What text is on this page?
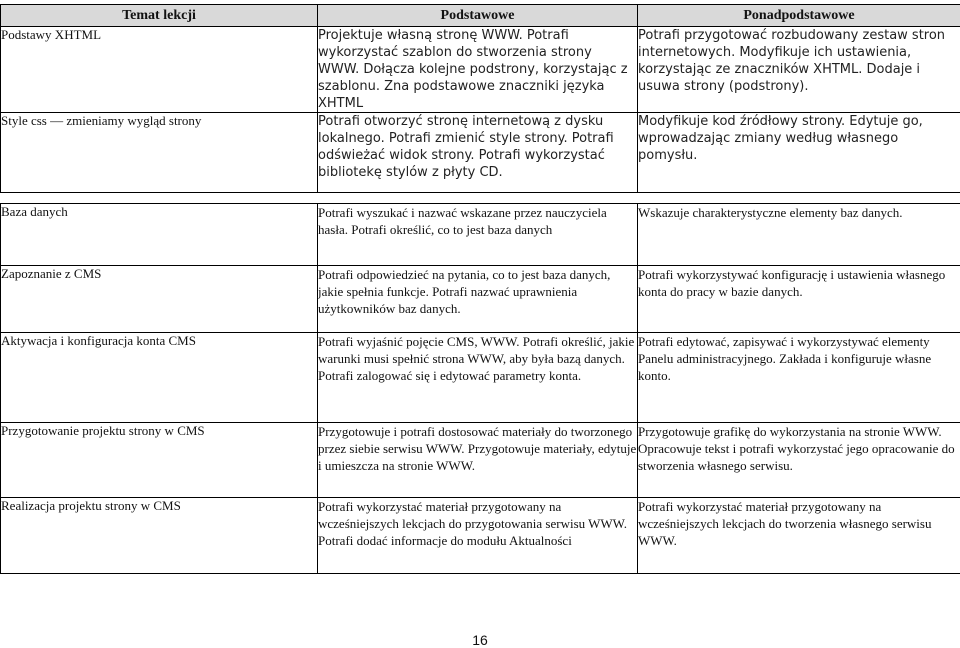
Temat lekcji	Podstawowe	Ponadpodstawowe
Podstawy XHTML	Projektuje własną stronę WWW. Potrafi wykorzystać szablon do stworzenia strony WWW. Dołącza kolejne podstrony, korzystając z szablonu. Zna podstawowe znaczniki języka XHTML	Potrafi przygotować rozbudowany zestaw stron internetowych. Modyfikuje ich ustawienia, korzystając ze znaczników XHTML. Dodaje i usuwa strony (podstrony).
Style css — zmieniamy wygląd strony	Potrafi otworzyć stronę internetową z dysku lokalnego. Potrafi zmienić style strony. Potrafi odświeżać widok strony. Potrafi wykorzystać bibliotekę stylów z płyty CD.	Modyfikuje kod źródłowy strony. Edytuje go, wprowadzając zmiany według własnego pomysłu.
Baza danych	Potrafi wyszukać i nazwać wskazane przez nauczyciela hasła. Potrafi określić, co to jest baza danych	Wskazuje charakterystyczne elementy baz danych.
Zapoznanie z CMS	Potrafi odpowiedzieć na pytania, co to jest baza danych, jakie spełnia funkcje. Potrafi nazwać uprawnienia użytkowników baz danych.	Potrafi wykorzystywać konfigurację i ustawienia własnego konta do pracy w bazie danych.
Aktywacja i konfiguracja konta CMS	Potrafi wyjaśnić pojęcie CMS, WWW. Potrafi określić, jakie warunki musi spełnić strona WWW, aby była bazą danych. Potrafi zalogować się i edytować parametry konta.	Potrafi edytować, zapisywać i wykorzystywać elementy Panelu administracyjnego. Zakłada i konfiguruje własne konto.
Przygotowanie projektu strony w CMS	Przygotowuje i potrafi dostosować materiały do tworzonego przez siebie serwisu WWW. Przygotowuje materiały, edytuje i umieszcza na stronie WWW.	Przygotowuje grafikę do wykorzystania na stronie WWW. Opracowuje tekst i potrafi wykorzystać jego opracowanie do stworzenia własnego serwisu.
Realizacja projektu strony w CMS	Potrafi wykorzystać materiał przygotowany na wcześniejszych lekcjach do przygotowania serwisu WWW. Potrafi dodać informacje do modułu Aktualności	Potrafi wykorzystać materiał przygotowany na wcześniejszych lekcjach do tworzenia własnego serwisu WWW.
16
